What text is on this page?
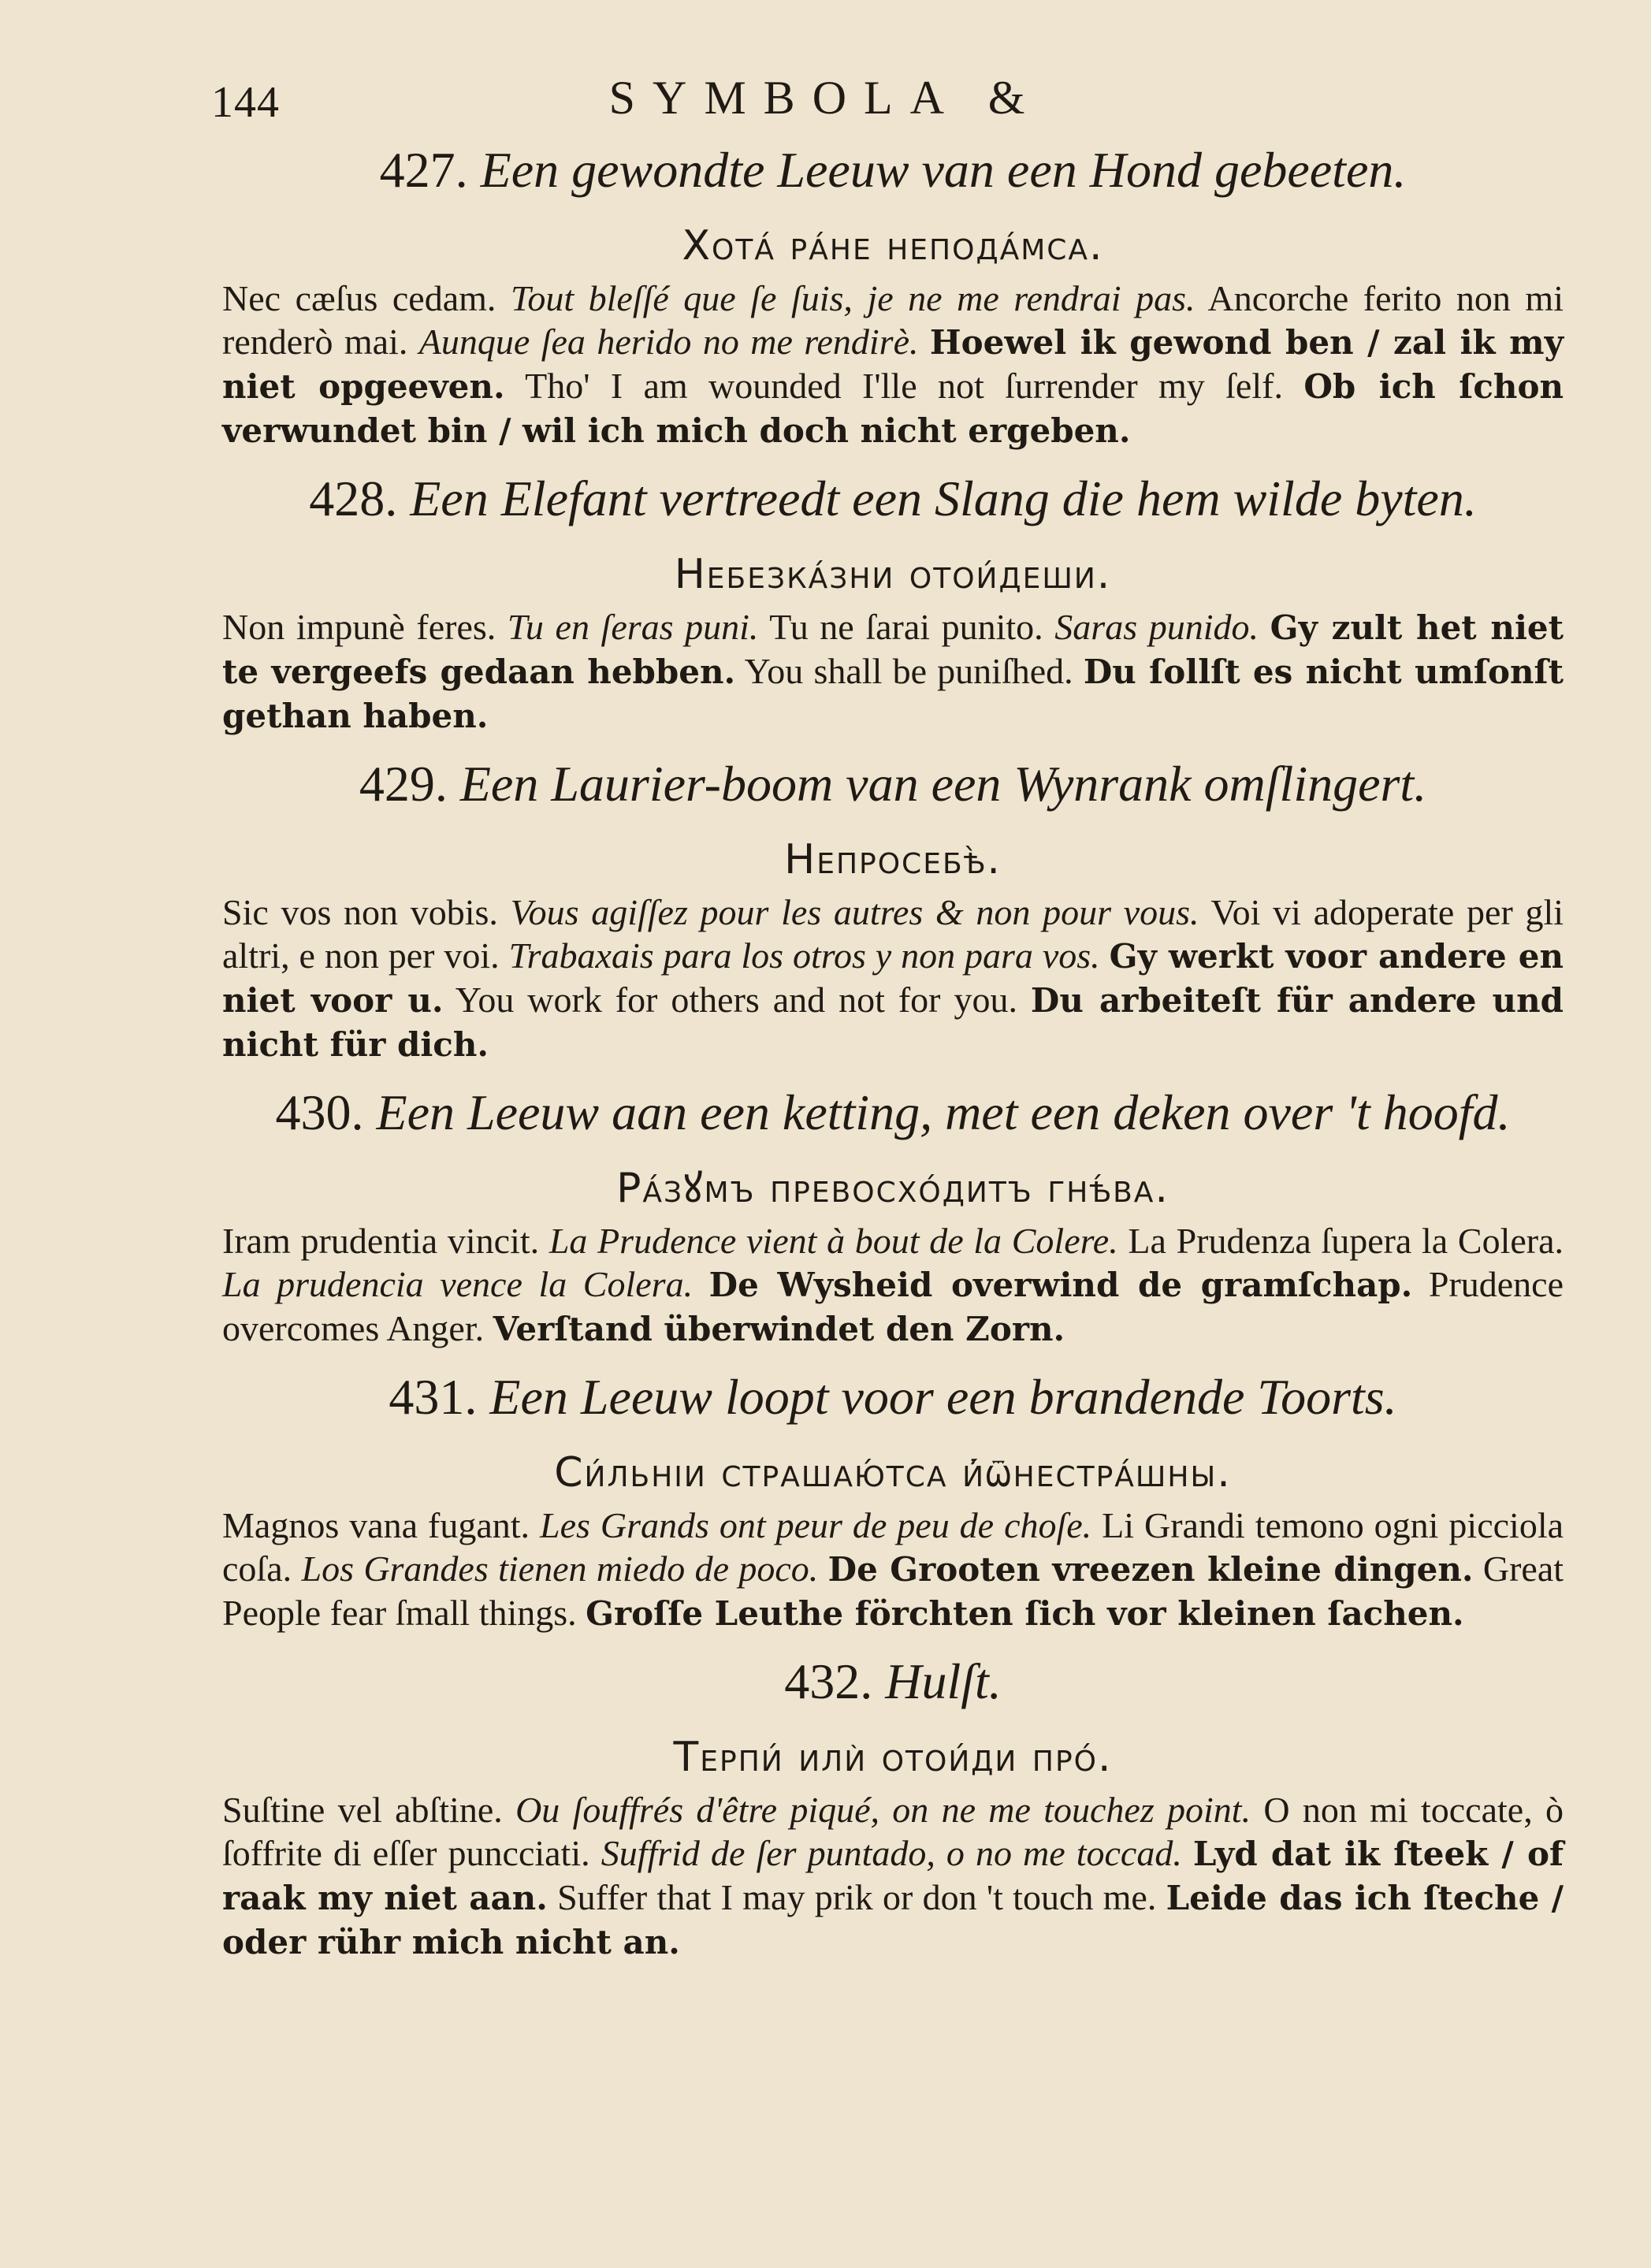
144	SYMBOLA &

427. Een gewondte Leeuw van een Hond gebeeten.

Хота́ ра́не непода́мса.

Nec cæſus cedam. Tout bleſſé que ſe ſuis, je ne me rendrai pas. Ancorche ferito non mi renderò mai. Aunque ſea herido no me rendirè. Hoewel ik gewond ben / zal ik my niet opgeeven. Tho' I am wounded I'lle not ſurrender my ſelf. Ob ich ſchon verwundet bin / wil ich mich doch nicht ergeben.

428. Een Elefant vertreedt een Slang die hem wilde byten.

Небезка́зни отои́деши.

Non impunè feres. Tu en ſeras puni. Tu ne ſarai punito. Saras punido. Gy zult het niet te vergeefs gedaan hebben. You shall be puniſhed. Du ſollſt es nicht umſonſt gethan haben.

429. Een Laurier-boom van een Wynrank omſlingert.

Непросебѣ̀.

Sic vos non vobis. Vous agiſſez pour les autres & non pour vous. Voi vi adoperate per gli altri, e non per voi. Trabaxais para los otros y non para vos. Gy werkt voor andere en niet voor u. You work for others and not for you. Du arbeiteſt für andere und nicht für dich.

430. Een Leeuw aan een ketting, met een deken over 't hoofd.

Ра́зꙋмъ превосхо́дитъ гнѣ́ва.

Iram prudentia vincit. La Prudence vient à bout de la Colere. La Prudenza ſupera la Colera. La prudencia vence la Colera. De Wysheid overwind de gramſchap. Prudence overcomes Anger. Verſtand überwindet den Zorn.

431. Een Leeuw loopt voor een brandende Toorts.

Си́льніи страшаю́тса и҆́ѿнестра́шны.

Magnos vana fugant. Les Grands ont peur de peu de choſe. Li Grandi temono ogni picciola coſa. Los Grandes tienen miedo de poco. De Grooten vreezen kleine dingen. Great People fear ſmall things. Groſſe Leuthe förchten ſich vor kleinen ſachen.

432. Hulſt.

Терпи́ илѝ отои́ди про́.

Suſtine vel abſtine. Ou ſouffrés d'être piqué, on ne me touchez point. O non mi toccate, ò ſoffrite di eſſer puncciati. Suffrid de ſer puntado, o no me toccad. Lyd dat ik ſteek / of raak my niet aan. Suffer that I may prik or don 't touch me. Leide das ich ſteche / oder rühr mich nicht an.
